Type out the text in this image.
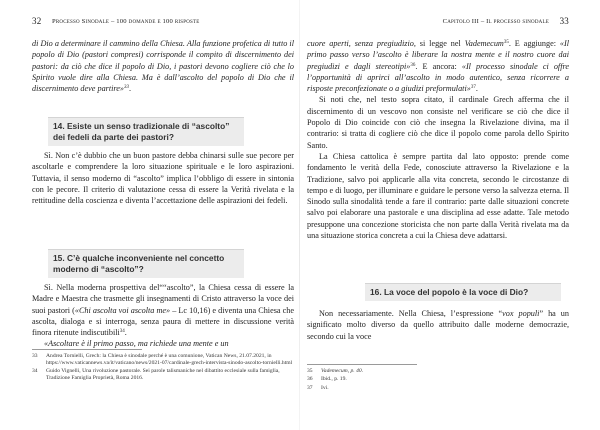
32 Processo Sinodale – 100 domande e 100 risposte

di Dio a determinare il cammino della Chiesa. Alla funzione profetica di tutto il popolo di Dio (pastori compresi) corrisponde il compito di discernimento dei pastori: da ciò che dice il popolo di Dio, i pastori devono cogliere ciò che lo Spirito vuole dire alla Chiesa. Ma è dall’ascolto del popolo di Dio che il discernimento deve partire»$^{33}$.

14. Esiste un senso tradizionale di “ascolto” dei fedeli da parte dei pastori?

Sì. Non c’è dubbio che un buon pastore debba chinarsi sulle sue pecore per ascoltarle e comprendere la loro situazione spirituale e le loro aspirazioni. Tuttavia, il senso moderno di “ascolto” implica l’obbligo di essere in sintonia con le pecore. Il criterio di valutazione cessa di essere la Verità rivelata e la rettitudine della coscienza e diventa l’accettazione delle aspirazioni dei fedeli.

15. C’è qualche inconveniente nel concetto moderno di “ascolto”?

Sì. Nella moderna prospettiva del““ascolto”, la Chiesa cessa di essere la Madre e Maestra che trasmette gli insegnamenti di Cristo attraverso la voce dei suoi pastori («Chi ascolta voi ascolta me» – Lc 10,16) e diventa una Chiesa che ascolta, dialoga e si interroga, senza paura di mettere in discussione verità finora ritenute indiscutibili$^{34}$.

«Ascoltare è il primo passo, ma richiede una mente e un

33	Andrea Tornielli, Grech: la Chiesa è sinodale perché è una comunione, Vatican News, 21.07.2021, in https://www.vaticannews.va/it/vaticano/news/2021-07/cardinale-grech-intervista-sinodo-ascolto-tornielli.html
34	Guido Vignelli, Una rivoluzione pastorale. Sei parole talismaniche nel dibattito ecclesiale sulla famiglia, Tradizione Famiglia Proprietà, Roma 2016.
Capitolo III – Il processo sinodale 33

cuore aperti, senza pregiudizio, si legge nel Vademecum$^{35}$. E aggiunge: «Il primo passo verso l’ascolto è liberare la nostra mente e il nostro cuore dai pregiudizi e dagli stereotipi»$^{36}$. E ancora: «Il processo sinodale ci offre l’opportunità di aprirci all’ascolto in modo autentico, senza ricorrere a risposte preconfezionate o a giudizi preformulati»$^{37}$.

Si noti che, nel testo sopra citato, il cardinale Grech afferma che il discernimento di un vescovo non consiste nel verificare se ciò che dice il Popolo di Dio coincide con ciò che insegna la Rivelazione divina, ma il contrario: si tratta di cogliere ciò che dice il popolo come parola dello Spirito Santo.

La Chiesa cattolica è sempre partita dal lato opposto: prende come fondamento le verità della Fede, conosciute attraverso la Rivelazione e la Tradizione, salvo poi applicarle alla vita concreta, secondo le circostanze di tempo e di luogo, per illuminare e guidare le persone verso la salvezza eterna. Il Sinodo sulla sinodalità tende a fare il contrario: parte dalle situazioni concrete salvo poi elaborare una pastorale e una disciplina ad esse adatte. Tale metodo presuppone una concezione storicista che non parte dalla Verità rivelata ma da una situazione storica concreta a cui la Chiesa deve adattarsi.

16. La voce del popolo è la voce di Dio?

Non necessariamente. Nella Chiesa, l’espressione “vox populi” ha un significato molto diverso da quello attribuito dalle moderne democrazie, secondo cui la voce

35	Vademecum, p. 40.
36	Ibid., p. 19.
37	Ivi.
